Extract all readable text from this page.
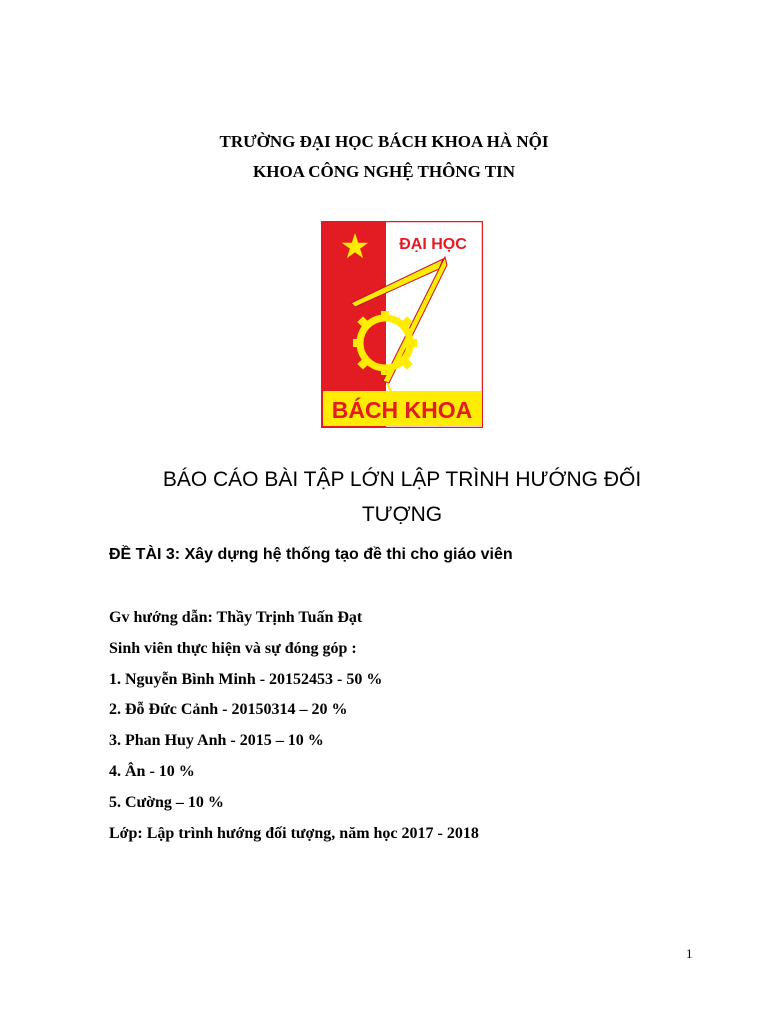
TRƯỜNG ĐẠI HỌC BÁCH KHOA HÀ NỘI
KHOA CÔNG NGHỆ THÔNG TIN
BÁCH KHOA
ĐẠI HỌC
BÁO CÁO BÀI TẬP LỚN LẬP TRÌNH HƯỚNG ĐỐI
TƯỢNG
ĐỀ TÀI 3: Xây dựng hệ thống tạo đề thi cho giáo viên
Gv hướng dẫn: Thầy Trịnh Tuấn Đạt
Sinh viên thực hiện và sự đóng góp :
1. Nguyễn Bình Minh - 20152453 - 50 %
2. Đỗ Đức Cảnh - 20150314 – 20 %
3. Phan Huy Anh - 2015 – 10 %
4. Ân - 10 %
5. Cường – 10 %
Lớp: Lập trình hướng đối tượng, năm học 2017 - 2018
1
